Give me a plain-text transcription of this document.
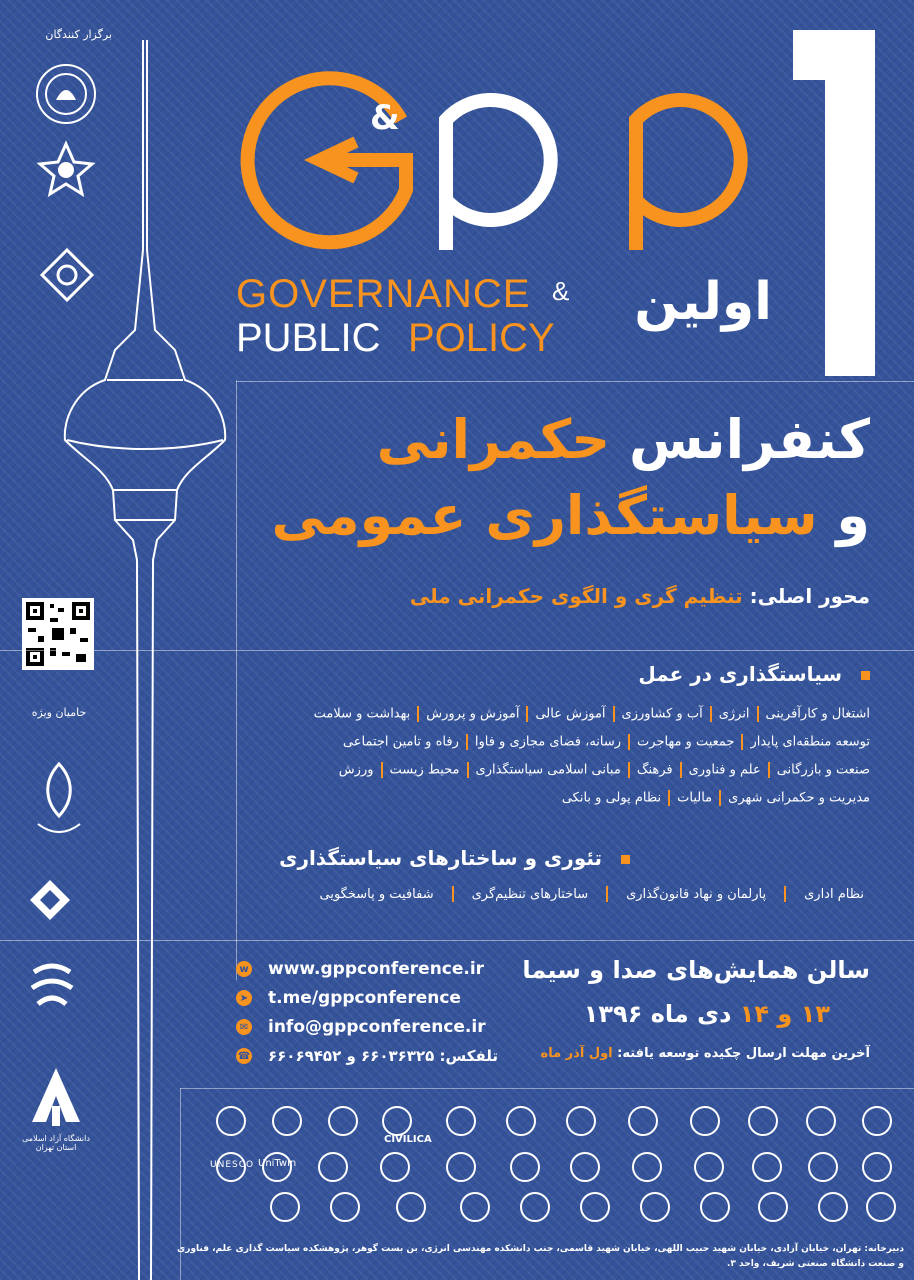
برگزار کنندگان
حامیان ویژه
دانشگاه آزاد اسلامی
استان تهران
&
GOVERNANCE &
PUBLIC POLICY
اولین
کنفرانس حکمرانی
و سیاستگذاری عمومی
محور اصلی: تنظیم گری و الگوی حکمرانی ملی
سیاستگذاری در عمل
تئوری و ساختارهای سیاستگذاری
w www.gppconference.ir
➤ t.me/gppconference
✉ info@gppconference.ir
☎	تلفکس: ۶۶۰۳۶۳۲۵ و ۶۶۰۶۹۴۵۲
سالن همایش‌های صدا و سیما
۱۳ و ۱۴ دی ماه ۱۳۹۶
آخرین مهلت ارسال چکیده توسعه یافته: اول آذر ماه
CIVILICA
UniTwin
UNESCO
دبیرخانه: تهران، خیابان آزادی، خیابان شهید حبیب اللهی، خیابان شهید قاسمی، جنب دانشکده مهندسی انرژی، بن بست گوهر، پژوهشکده سیاست گذاری علم، فناوری
و صنعت دانشگاه صنعتی شریف، واحد ۳.
اشتغال و کارآفرینیانرژیآب و کشاورزیآموزش عالیآموزش و پرورشبهداشت و سلامت
توسعه منطقه‌ای پایدارجمعیت و مهاجرترسانه، فضای مجازی و فاوارفاه و تامین اجتماعی
صنعت و بازرگانیعلم و فناوریفرهنگمبانی اسلامی سیاستگذاریمحیط زیستورزش
مدیریت و حکمرانی شهریمالیاتنظام پولی و بانکی
نظام اداریپارلمان و نهاد قانون‌گذاریساختارهای تنظیم‌گریشفافیت و پاسخگویی
